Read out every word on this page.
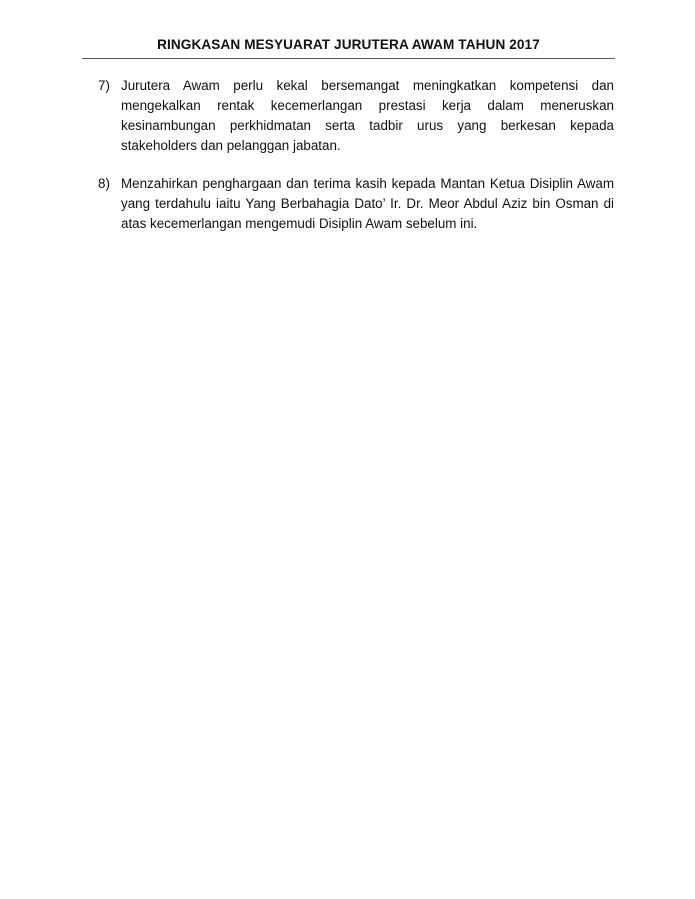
RINGKASAN MESYUARAT JURUTERA AWAM TAHUN 2017
7) Jurutera Awam perlu kekal bersemangat meningkatkan kompetensi dan mengekalkan rentak kecemerlangan prestasi kerja dalam meneruskan kesinambungan perkhidmatan serta tadbir urus yang berkesan kepada stakeholders dan pelanggan jabatan.
8) Menzahirkan penghargaan dan terima kasih kepada Mantan Ketua Disiplin Awam yang terdahulu iaitu Yang Berbahagia Dato’ Ir. Dr. Meor Abdul Aziz bin Osman di atas kecemerlangan mengemudi Disiplin Awam sebelum ini.
